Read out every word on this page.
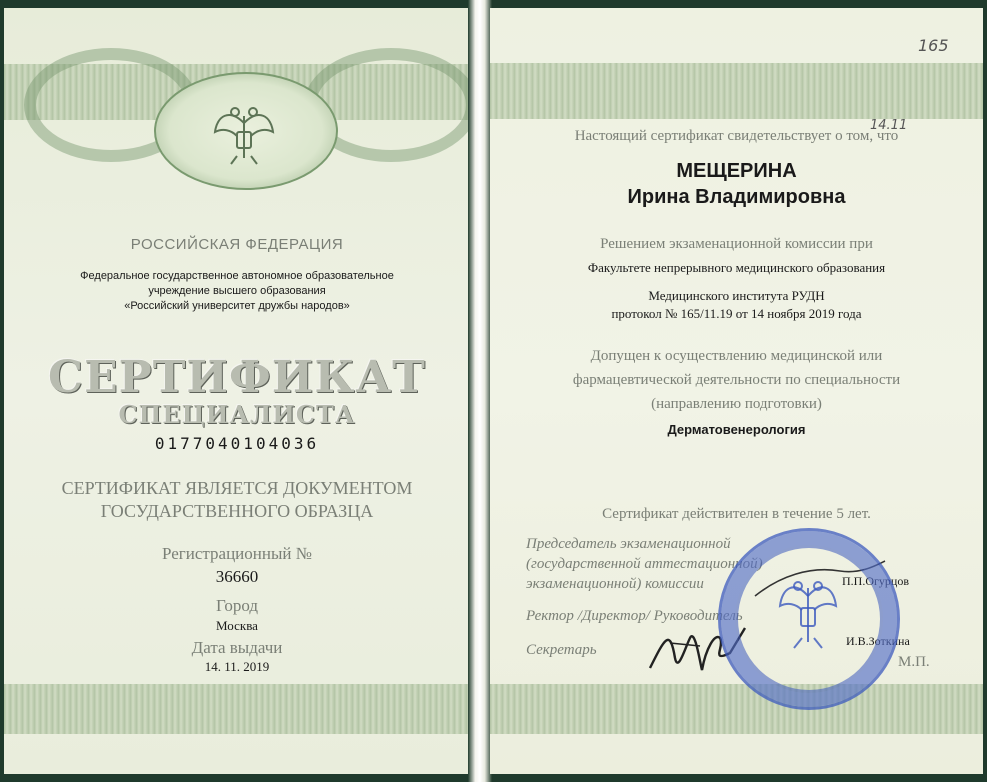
РОССИЙСКАЯ ФЕДЕРАЦИЯ
Федеральное государственное автономное образовательное
учреждение высшего образования
«Российский университет дружбы народов»
СЕРТИФИКАТ
СПЕЦИАЛИСТА
0177040104036
СЕРТИФИКАТ ЯВЛЯЕТСЯ ДОКУМЕНТОМ
ГОСУДАРСТВЕННОГО ОБРАЗЦА
Регистрационный №
36660
Город
Москва
Дата выдачи
14. 11. 2019
165
14.11
Настоящий сертификат свидетельствует о том, что
МЕЩЕРИНА
Ирина Владимировна
Решением экзаменационной комиссии при
Факультете непрерывного медицинского образования
Медицинского института РУДН
протокол № 165/11.19 от 14 ноября 2019 года
Допущен к осуществлению медицинской или
фармацевтической деятельности по специальности
(направлению подготовки)
Дерматовенерология
Сертификат действителен в течение 5 лет.
Председатель экзаменационной
(государственной аттестационной)
экзаменационной) комиссии	П.П.Огурцов
Ректор /Директор/ Руководитель
Секретарь
И.В.Зоткина
М.П.
